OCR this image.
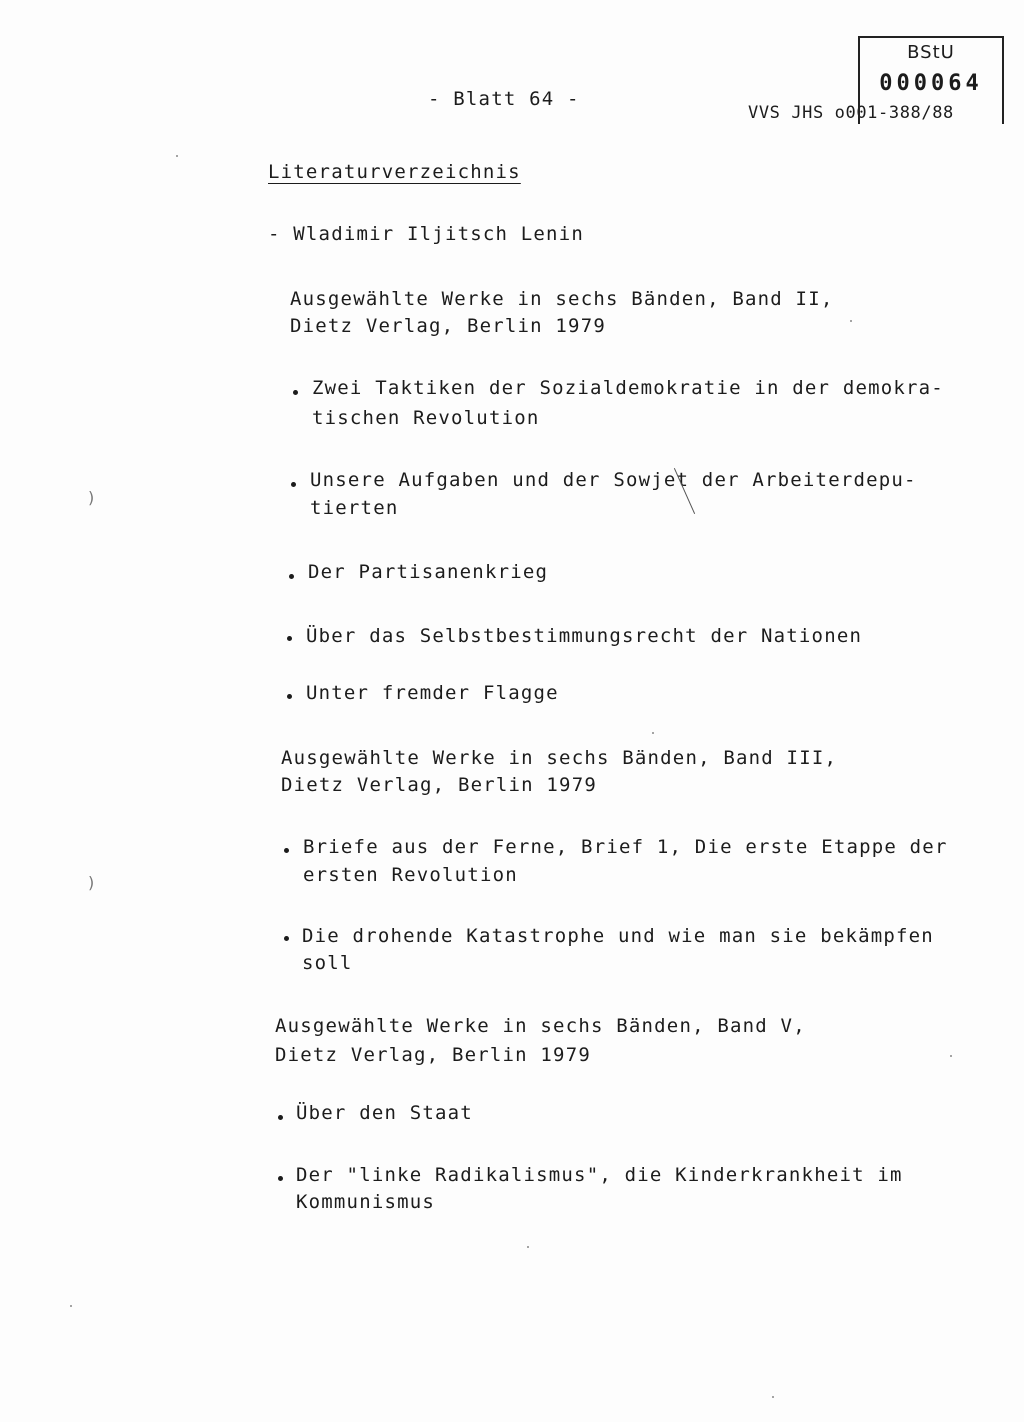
- Blatt 64 -
VVS JHS o001-388/88
BStU
000064
Literaturverzeichnis
- Wladimir Iljitsch Lenin
Ausgewählte Werke in sechs Bänden, Band II,
Dietz Verlag, Berlin 1979
Zwei Taktiken der Sozialdemokratie in der demokra-
tischen Revolution
Unsere Aufgaben und der Sowjet der Arbeiterdepu-
tierten
Der Partisanenkrieg
Über das Selbstbestimmungsrecht der Nationen
Unter fremder Flagge
Ausgewählte Werke in sechs Bänden, Band III,
Dietz Verlag, Berlin 1979
Briefe aus der Ferne, Brief 1, Die erste Etappe der
ersten Revolution
Die drohende Katastrophe und wie man sie bekämpfen
soll
Ausgewählte Werke in sechs Bänden, Band V,
Dietz Verlag, Berlin 1979
Über den Staat
Der "linke Radikalismus", die Kinderkrankheit im
Kommunismus
)
)
